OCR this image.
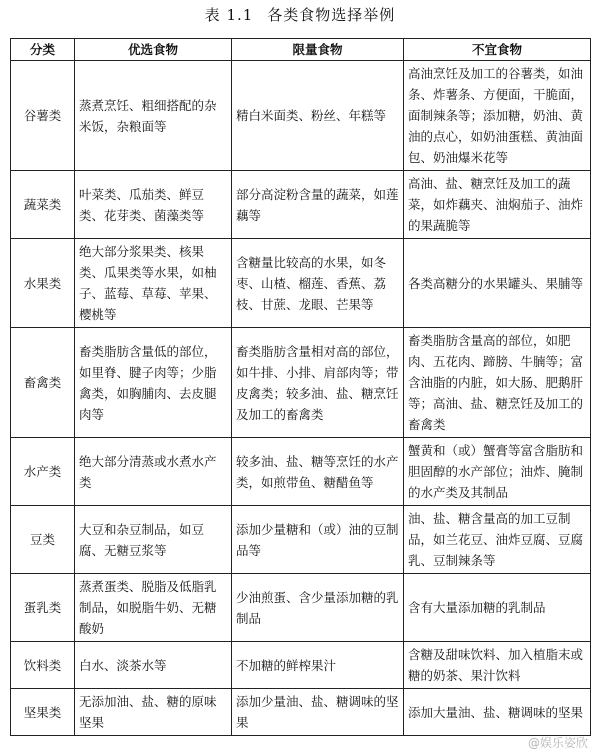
表 1.1 各类食物选择举例
分类	优选食物	限量食物	不宜食物
谷薯类	蒸煮烹饪、粗细搭配的杂米饭，杂粮面等	精白米面类、粉丝、年糕等	高油烹饪及加工的谷薯类，如油条、炸薯条、方便面，干脆面，面制辣条等；添加糖，奶油、黄油的点心，如奶油蛋糕、黄油面包、奶油爆米花等
蔬菜类	叶菜类、瓜茄类、鲜豆类、花芽类、菌藻类等	部分高淀粉含量的蔬菜，如莲藕等	高油、盐、糖烹饪及加工的蔬菜，如炸藕夹、油焖茄子、油炸的果蔬脆等
水果类	绝大部分浆果类、核果类、瓜果类等水果，如柚子、蓝莓、草莓、苹果、樱桃等	含糖量比较高的水果，如冬枣、山楂、榴莲、香蕉、荔枝、甘蔗、龙眼、芒果等	各类高糖分的水果罐头、果脯等
畜禽类	畜类脂肪含量低的部位，如里脊、腱子肉等；少脂禽类，如胸脯肉、去皮腿肉等	畜类脂肪含量相对高的部位，如牛排、小排、肩部肉等；带皮禽类；较多油、盐、糖烹饪及加工的畜禽类	畜类脂肪含量高的部位，如肥肉、五花肉、蹄膀、牛腩等；富含油脂的内脏，如大肠、肥鹅肝等；高油、盐、糖烹饪及加工的畜禽类
水产类	绝大部分清蒸或水煮水产类	较多油、盐、糖等烹饪的水产类，如煎带鱼、糖醋鱼等	蟹黄和（或）蟹膏等富含脂肪和胆固醇的水产部位；油炸、腌制的水产类及其制品
豆类	大豆和杂豆制品，如豆腐、无糖豆浆等	添加少量糖和（或）油的豆制品等	油、盐、糖含量高的加工豆制品，如兰花豆、油炸豆腐、豆腐乳、豆制辣条等
蛋乳类	蒸煮蛋类、脱脂及低脂乳制品，如脱脂牛奶、无糖酸奶	少油煎蛋、含少量添加糖的乳制品	含有大量添加糖的乳制品
饮料类	白水、淡茶水等	不加糖的鲜榨果汁	含糖及甜味饮料、加入植脂末或糖的奶茶、果汁饮料
坚果类	无添加油、盐、糖的原味坚果	添加少量油、盐、糖调味的坚果	添加大量油、盐、糖调味的坚果
@娱乐姿欣
